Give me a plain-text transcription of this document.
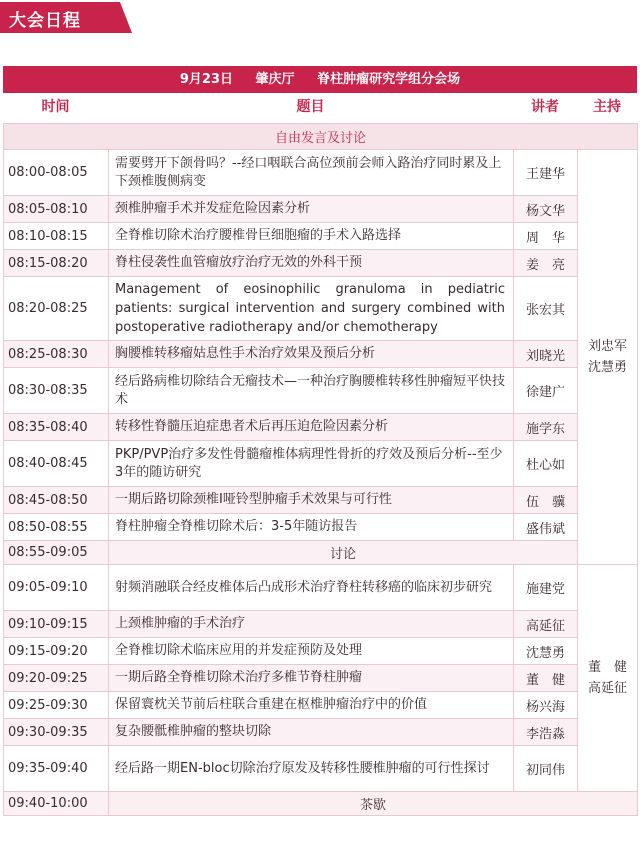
大会日程
9月23日 肇庆厅 脊柱肿瘤研究学组分会场
时间	题目	讲者	主持
自由发言及讨论			
08:00-08:05	需要劈开下颌骨吗？--经口咽联合高位颈前会师入路治疗同时累及上下颈椎腹侧病变	王建华	刘忠军
沈慧勇

08:05-08:10	颈椎肿瘤手术并发症危险因素分析	杨文华	
08:10-08:15	全脊椎切除术治疗腰椎骨巨细胞瘤的手术入路选择	周　华	
08:15-08:20	脊柱侵袭性血管瘤放疗治疗无效的外科干预	姜　亮	
08:20-08:25	Management of eosinophilic granuloma in pediatric patients: surgical intervention and surgery combined with postoperative radiotherapy and/or chemotherapy	张宏其	
08:25-08:30	胸腰椎转移瘤姑息性手术治疗效果及预后分析	刘晓光	
08:30-08:35	经后路病椎切除结合无瘤技术—一种治疗胸腰椎转移性肿瘤短平快技术	徐建广	
08:35-08:40	转移性脊髓压迫症患者术后再压迫危险因素分析	施学东	
08:40-08:45	PKP/PVP治疗多发性骨髓瘤椎体病理性骨折的疗效及预后分析--至少3年的随访研究	杜心如	
08:45-08:50	一期后路切除颈椎Ⅰ哑铃型肿瘤手术效果与可行性	伍　骥	
08:50-08:55	脊柱肿瘤全脊椎切除术后：3-5年随访报告	盛伟斌	
08:55-09:05	讨论		
09:05-09:10	射频消融联合经皮椎体后凸成形术治疗脊柱转移癌的临床初步研究	施建党	董　健
高延征

09:10-09:15	上颈椎肿瘤的手术治疗	高延征	
09:15-09:20	全脊椎切除术临床应用的并发症预防及处理	沈慧勇	
09:20-09:25	一期后路全脊椎切除术治疗多椎节脊柱肿瘤	董　健	
09:25-09:30	保留寰枕关节前后柱联合重建在枢椎肿瘤治疗中的价值	杨兴海	
09:30-09:35	复杂腰骶椎肿瘤的整块切除	李浩淼	
09:35-09:40	经后路一期EN-bloc切除治疗原发及转移性腰椎肿瘤的可行性探讨	初同伟	
09:40-10:00	茶歇		
